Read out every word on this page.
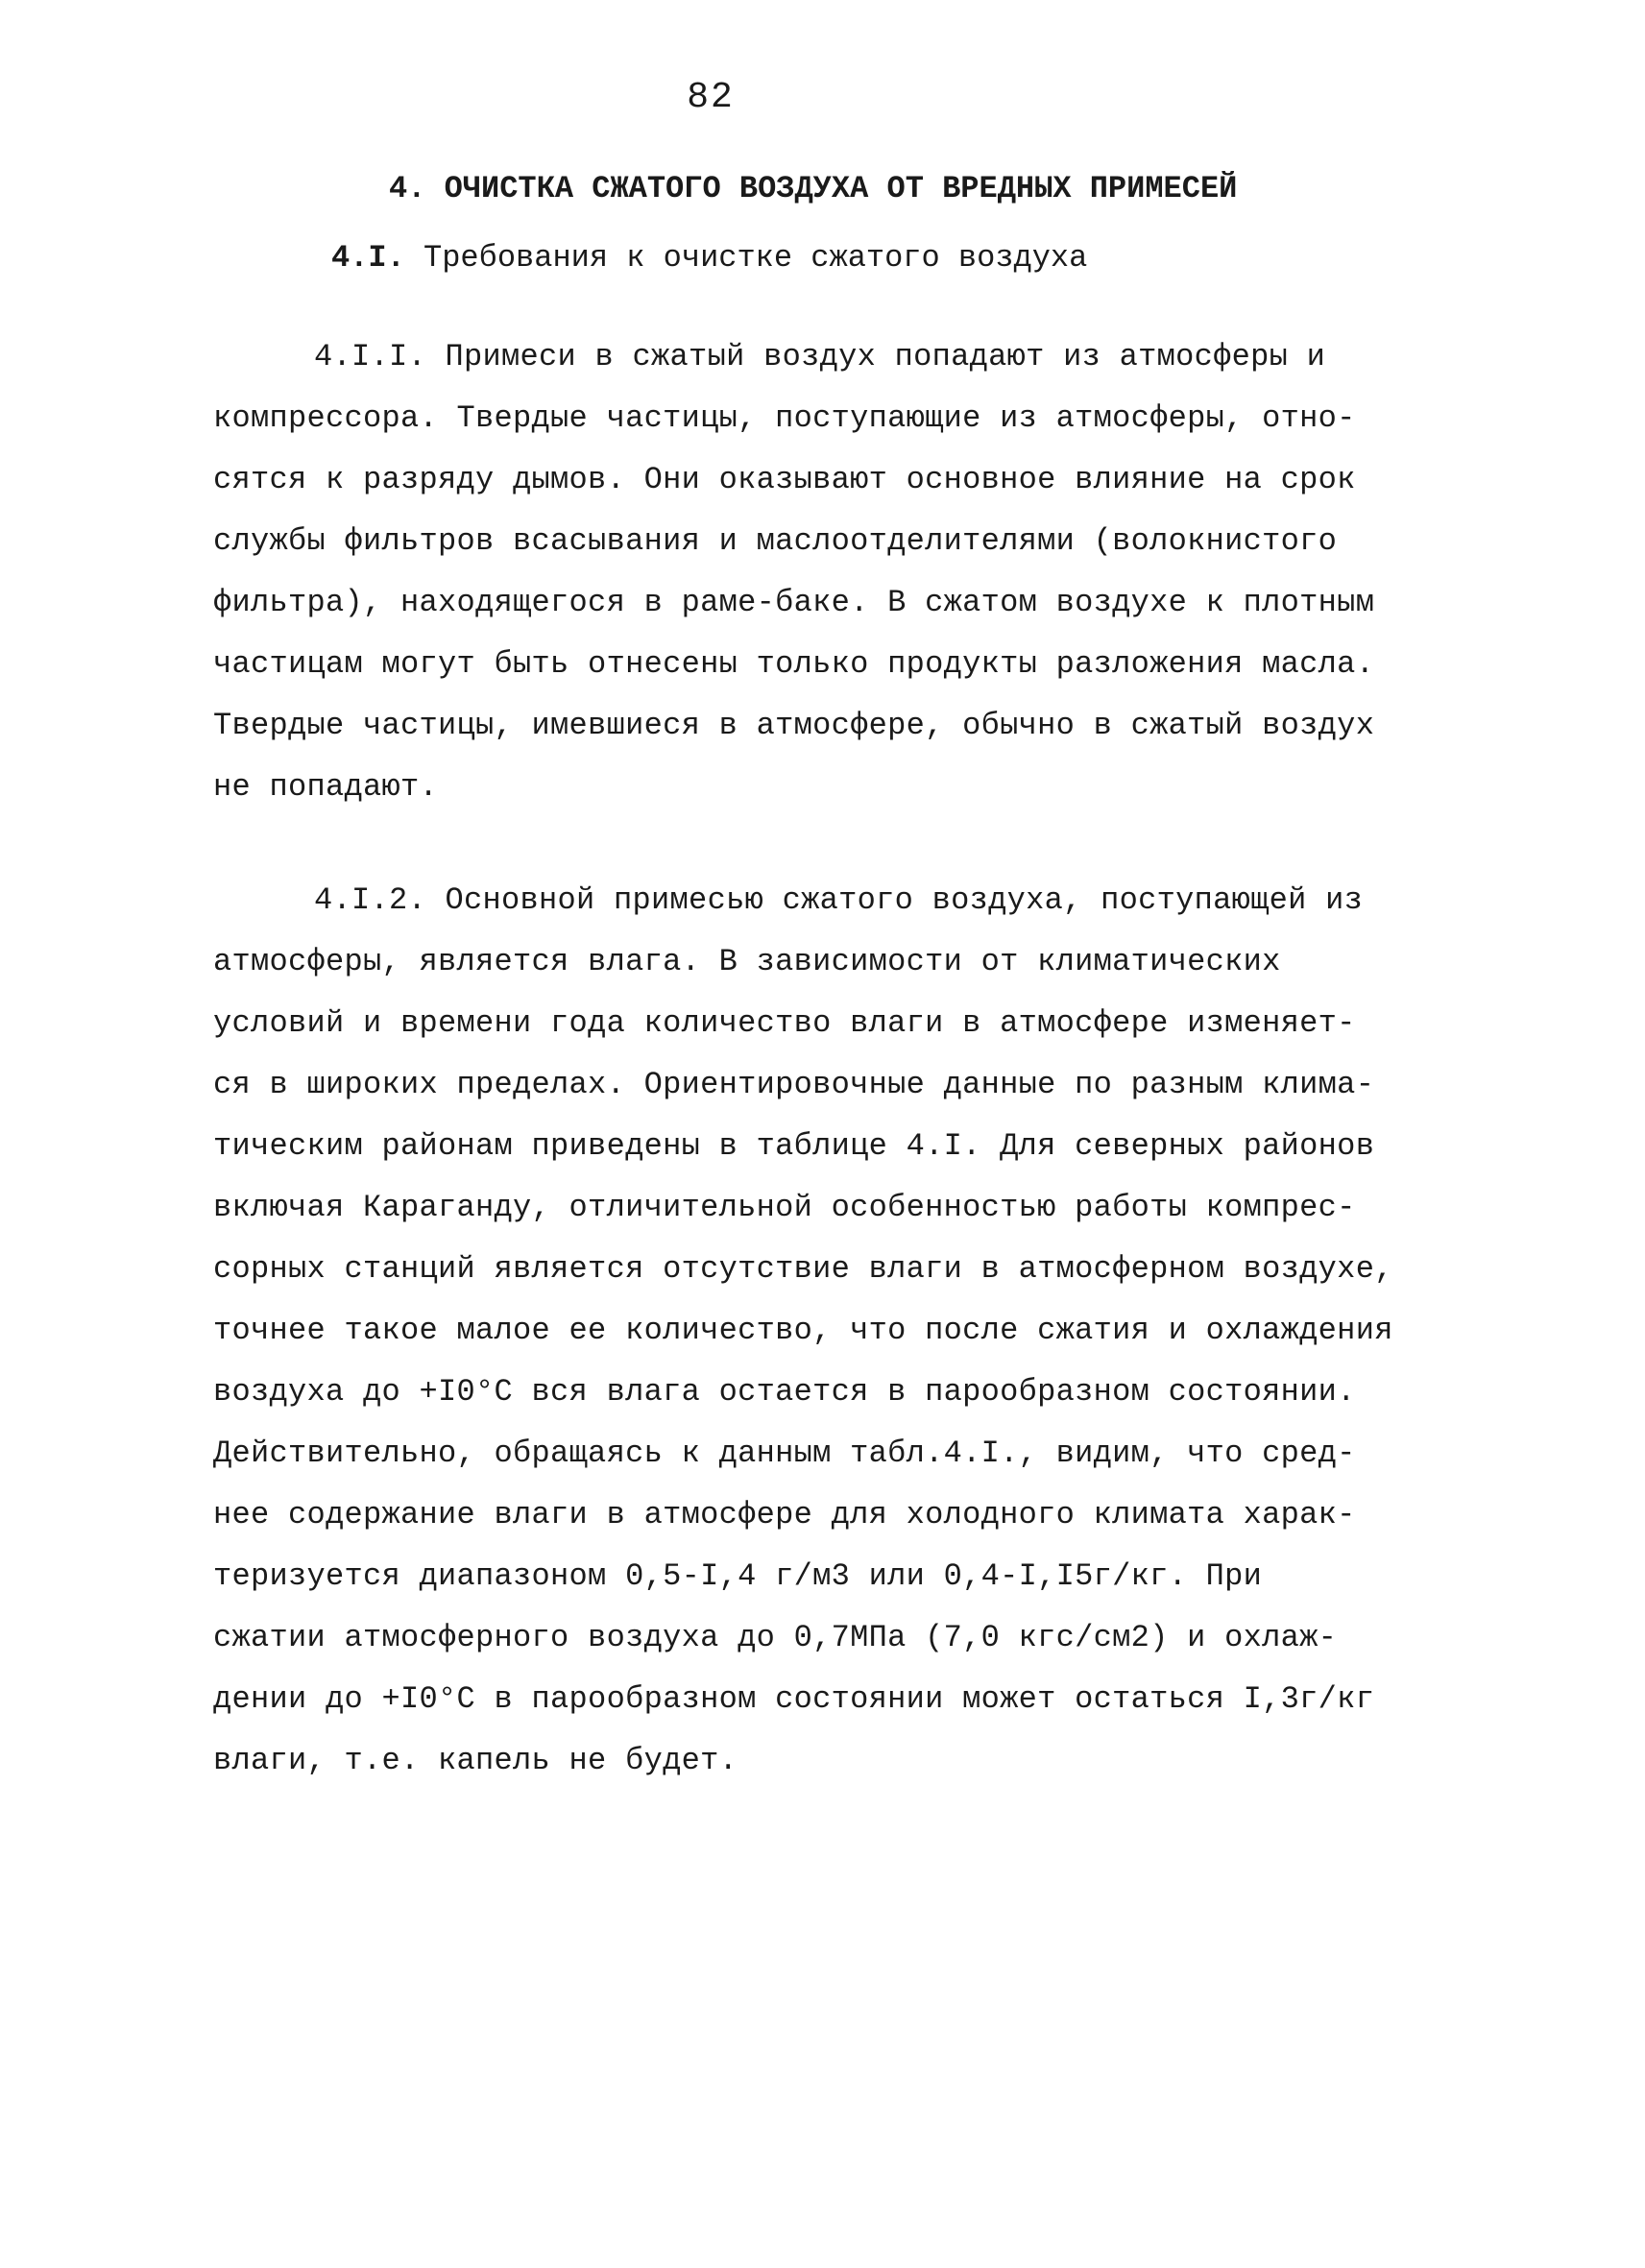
82
4. ОЧИСТКА СЖАТОГО ВОЗДУХА ОТ ВРЕДНЫХ ПРИМЕСЕЙ
4.I. Требования к очистке сжатого воздуха
4.I.I. Примеси в сжатый воздух попадают из атмосферы и
компрессора. Твердые частицы, поступающие из атмосферы, отно-
сятся к разряду дымов. Они оказывают основное влияние на срок
службы фильтров всасывания и маслоотделителями (волокнистого
фильтра), находящегося в раме-баке. В сжатом воздухе к плотным
частицам могут быть отнесены только продукты разложения масла.
Твердые частицы, имевшиеся в атмосфере, обычно в сжатый воздух
не попадают.
4.I.2. Основной примесью сжатого воздуха, поступающей из
атмосферы, является влага. В зависимости от климатических
условий и времени года количество влаги в атмосфере изменяет-
ся в широких пределах. Ориентировочные данные по разным клима-
тическим районам приведены в таблице 4.I. Для северных районов
включая Караганду, отличительной особенностью работы компрес-
сорных станций является отсутствие влаги в атмосферном воздухе,
точнее такое малое ее количество, что после сжатия и охлаждения
воздуха до +I0°С вся влага остается в парообразном состоянии.
Действительно, обращаясь к данным табл.4.I., видим, что сред-
нее содержание влаги в атмосфере для холодного климата харак-
теризуется диапазоном 0,5-I,4 г/м3 или 0,4-I,I5г/кг. При
сжатии атмосферного воздуха до 0,7МПа (7,0 кгс/см2) и охлаж-
дении до +I0°С в парообразном состоянии может остаться I,3г/кг
влаги, т.е. капель не будет.
